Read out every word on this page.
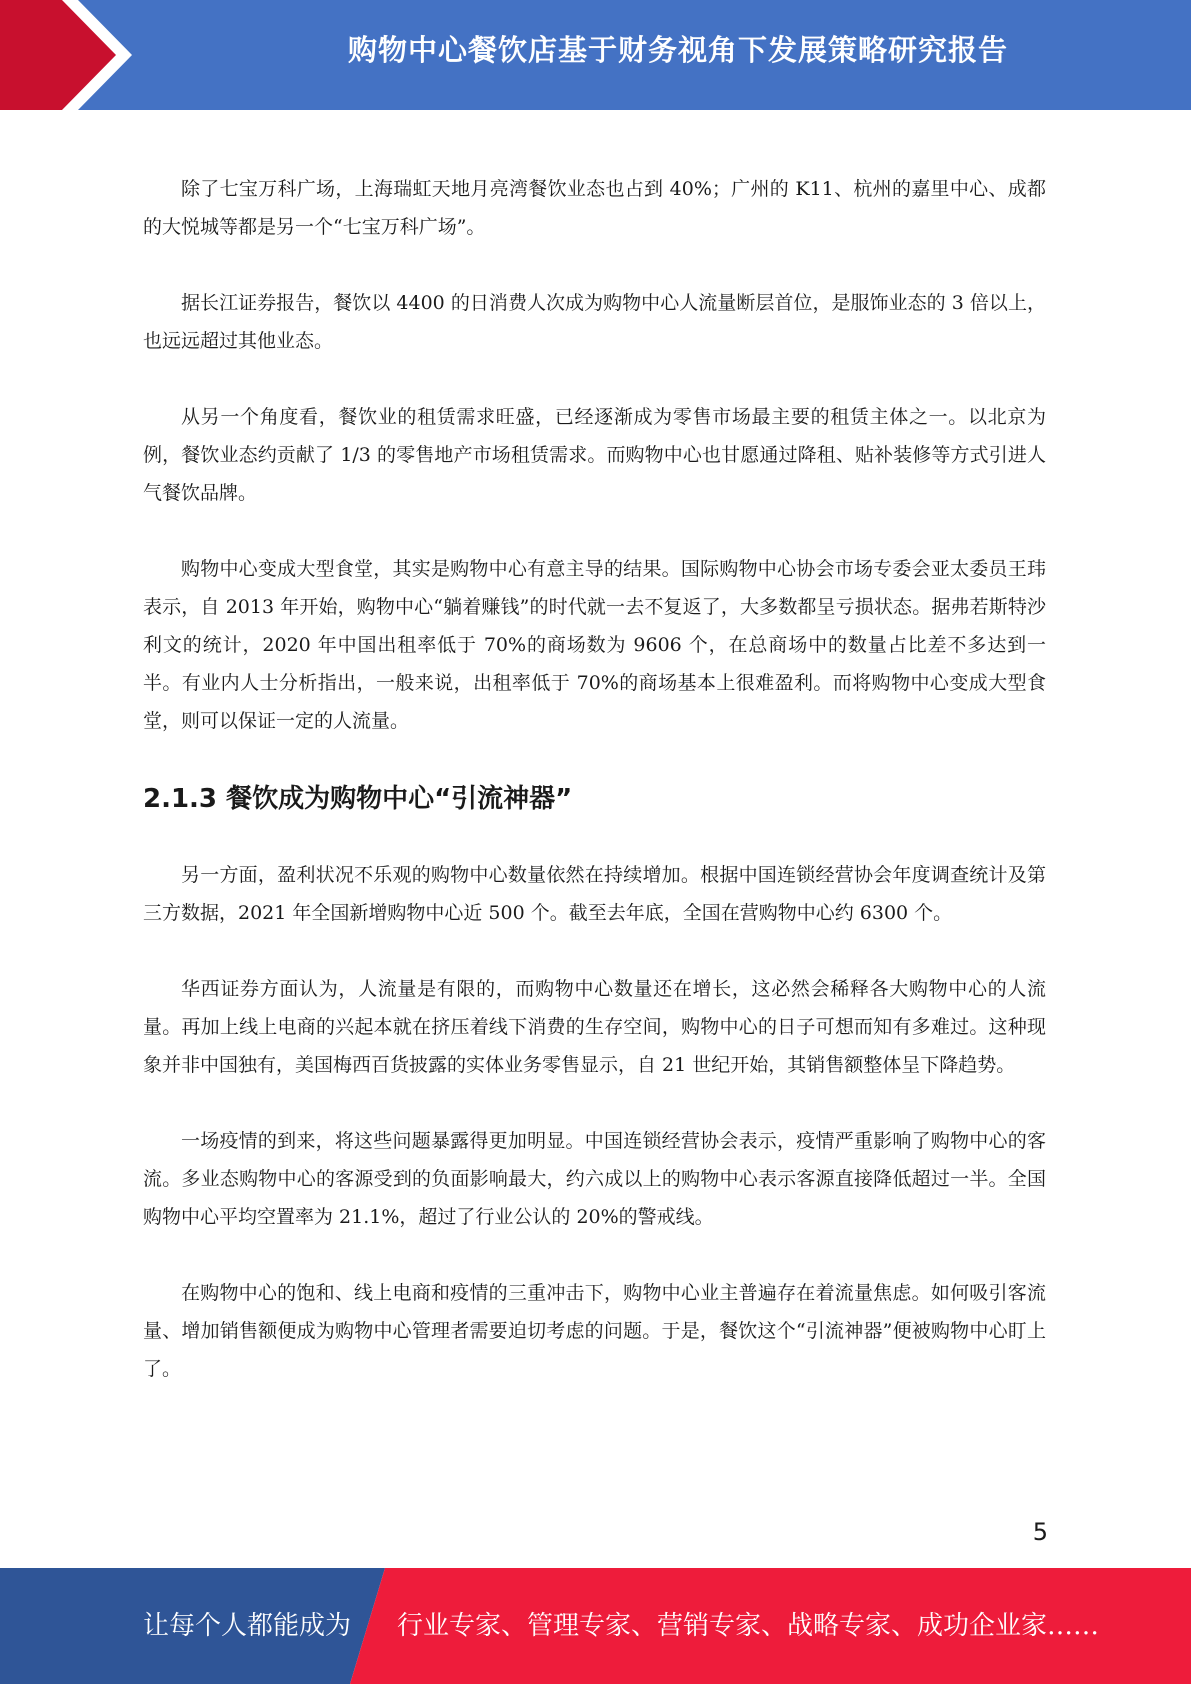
购物中心餐饮店基于财务视角下发展策略研究报告

除了七宝万科广场，上海瑞虹天地月亮湾餐饮业态也占到 40%；广州的 K11、杭州的嘉里中心、成都的大悦城等都是另一个“七宝万科广场”。

据长江证券报告，餐饮以 4400 的日消费人次成为购物中心人流量断层首位，是服饰业态的 3 倍以上，也远远超过其他业态。

从另一个角度看，餐饮业的租赁需求旺盛，已经逐渐成为零售市场最主要的租赁主体之一。以北京为例，餐饮业态约贡献了 1/3 的零售地产市场租赁需求。而购物中心也甘愿通过降租、贴补装修等方式引进人气餐饮品牌。

购物中心变成大型食堂，其实是购物中心有意主导的结果。国际购物中心协会市场专委会亚太委员王玮表示，自 2013 年开始，购物中心“躺着赚钱”的时代就一去不复返了，大多数都呈亏损状态。据弗若斯特沙利文的统计，2020 年中国出租率低于 70%的商场数为 9606 个，在总商场中的数量占比差不多达到一半。有业内人士分析指出，一般来说，出租率低于 70%的商场基本上很难盈利。而将购物中心变成大型食堂，则可以保证一定的人流量。

2.1.3 餐饮成为购物中心“引流神器”

另一方面，盈利状况不乐观的购物中心数量依然在持续增加。根据中国连锁经营协会年度调查统计及第三方数据，2021 年全国新增购物中心近 500 个。截至去年底，全国在营购物中心约 6300 个。

华西证券方面认为，人流量是有限的，而购物中心数量还在增长，这必然会稀释各大购物中心的人流量。再加上线上电商的兴起本就在挤压着线下消费的生存空间，购物中心的日子可想而知有多难过。这种现象并非中国独有，美国梅西百货披露的实体业务零售显示，自 21 世纪开始，其销售额整体呈下降趋势。

一场疫情的到来，将这些问题暴露得更加明显。中国连锁经营协会表示，疫情严重影响了购物中心的客流。多业态购物中心的客源受到的负面影响最大，约六成以上的购物中心表示客源直接降低超过一半。全国购物中心平均空置率为 21.1%，超过了行业公认的 20%的警戒线。

在购物中心的饱和、线上电商和疫情的三重冲击下，购物中心业主普遍存在着流量焦虑。如何吸引客流量、增加销售额便成为购物中心管理者需要迫切考虑的问题。于是，餐饮这个“引流神器”便被购物中心盯上了。

5
让每个人都能成为 行业专家、管理专家、营销专家、战略专家、成功企业家……
